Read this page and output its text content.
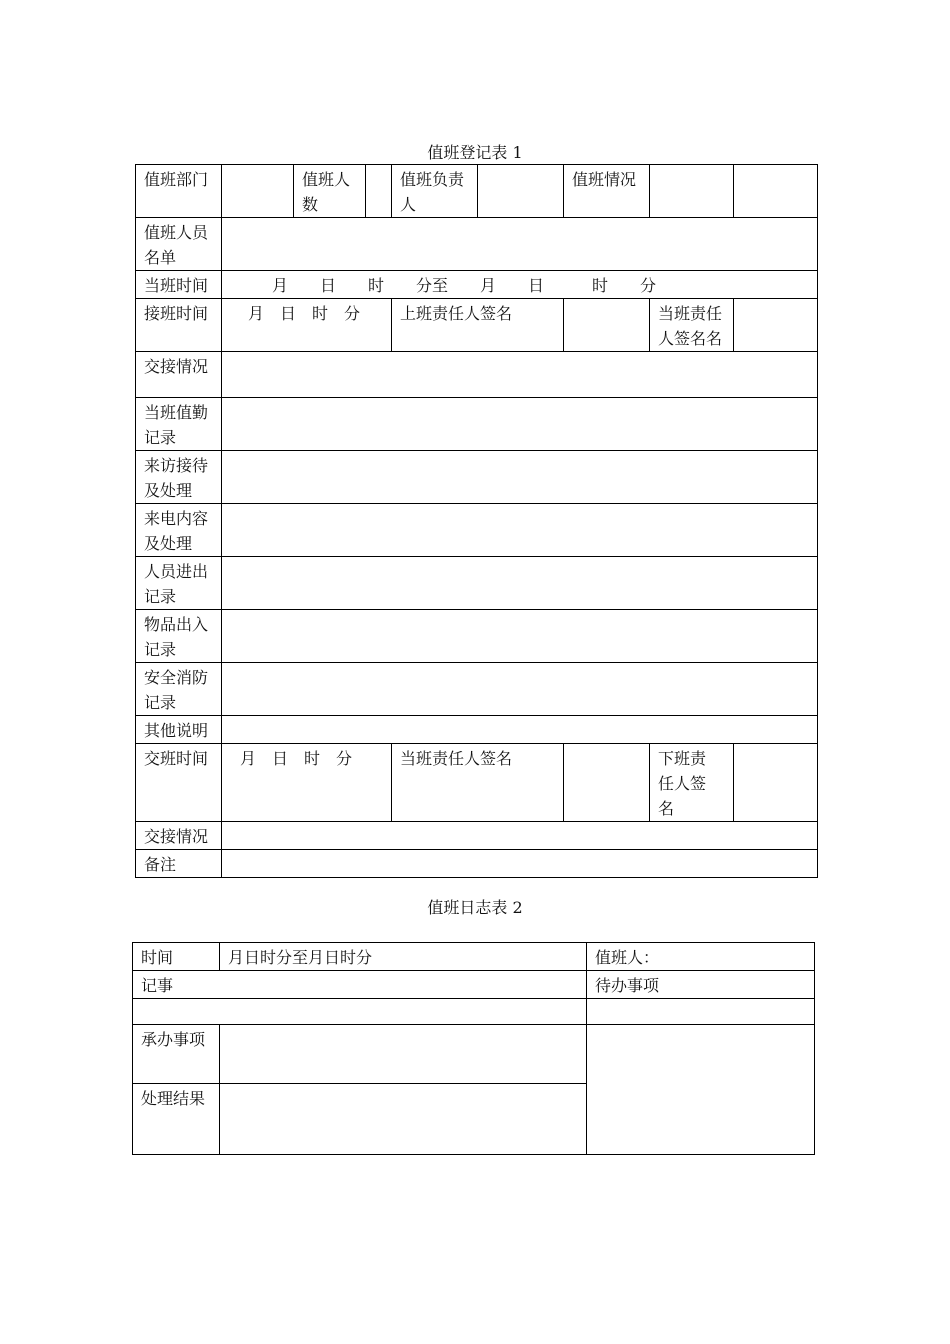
值班登记表 1
值班部门		值班人数		值班负责人		值班情况		
值班人员名单								
当班时间	月　　日　　时　　分至　　月　　日　　　时　　分							
接班时间	月　日　时　分			上班责任人签名			当班责任人签名名	
交接情况								
当班值勤记录								
来访接待及处理								
来电内容及处理								
人员进出记录								
物品出入记录								
安全消防记录								
其他说明								
交班时间	月　日　时　分			当班责任人签名			下班责任人签名	
交接情况								
备注								
值班日志表 2
时间	月日时分至月日时分	值班人：
记事		待办事项

承办事项		
处理结果		
